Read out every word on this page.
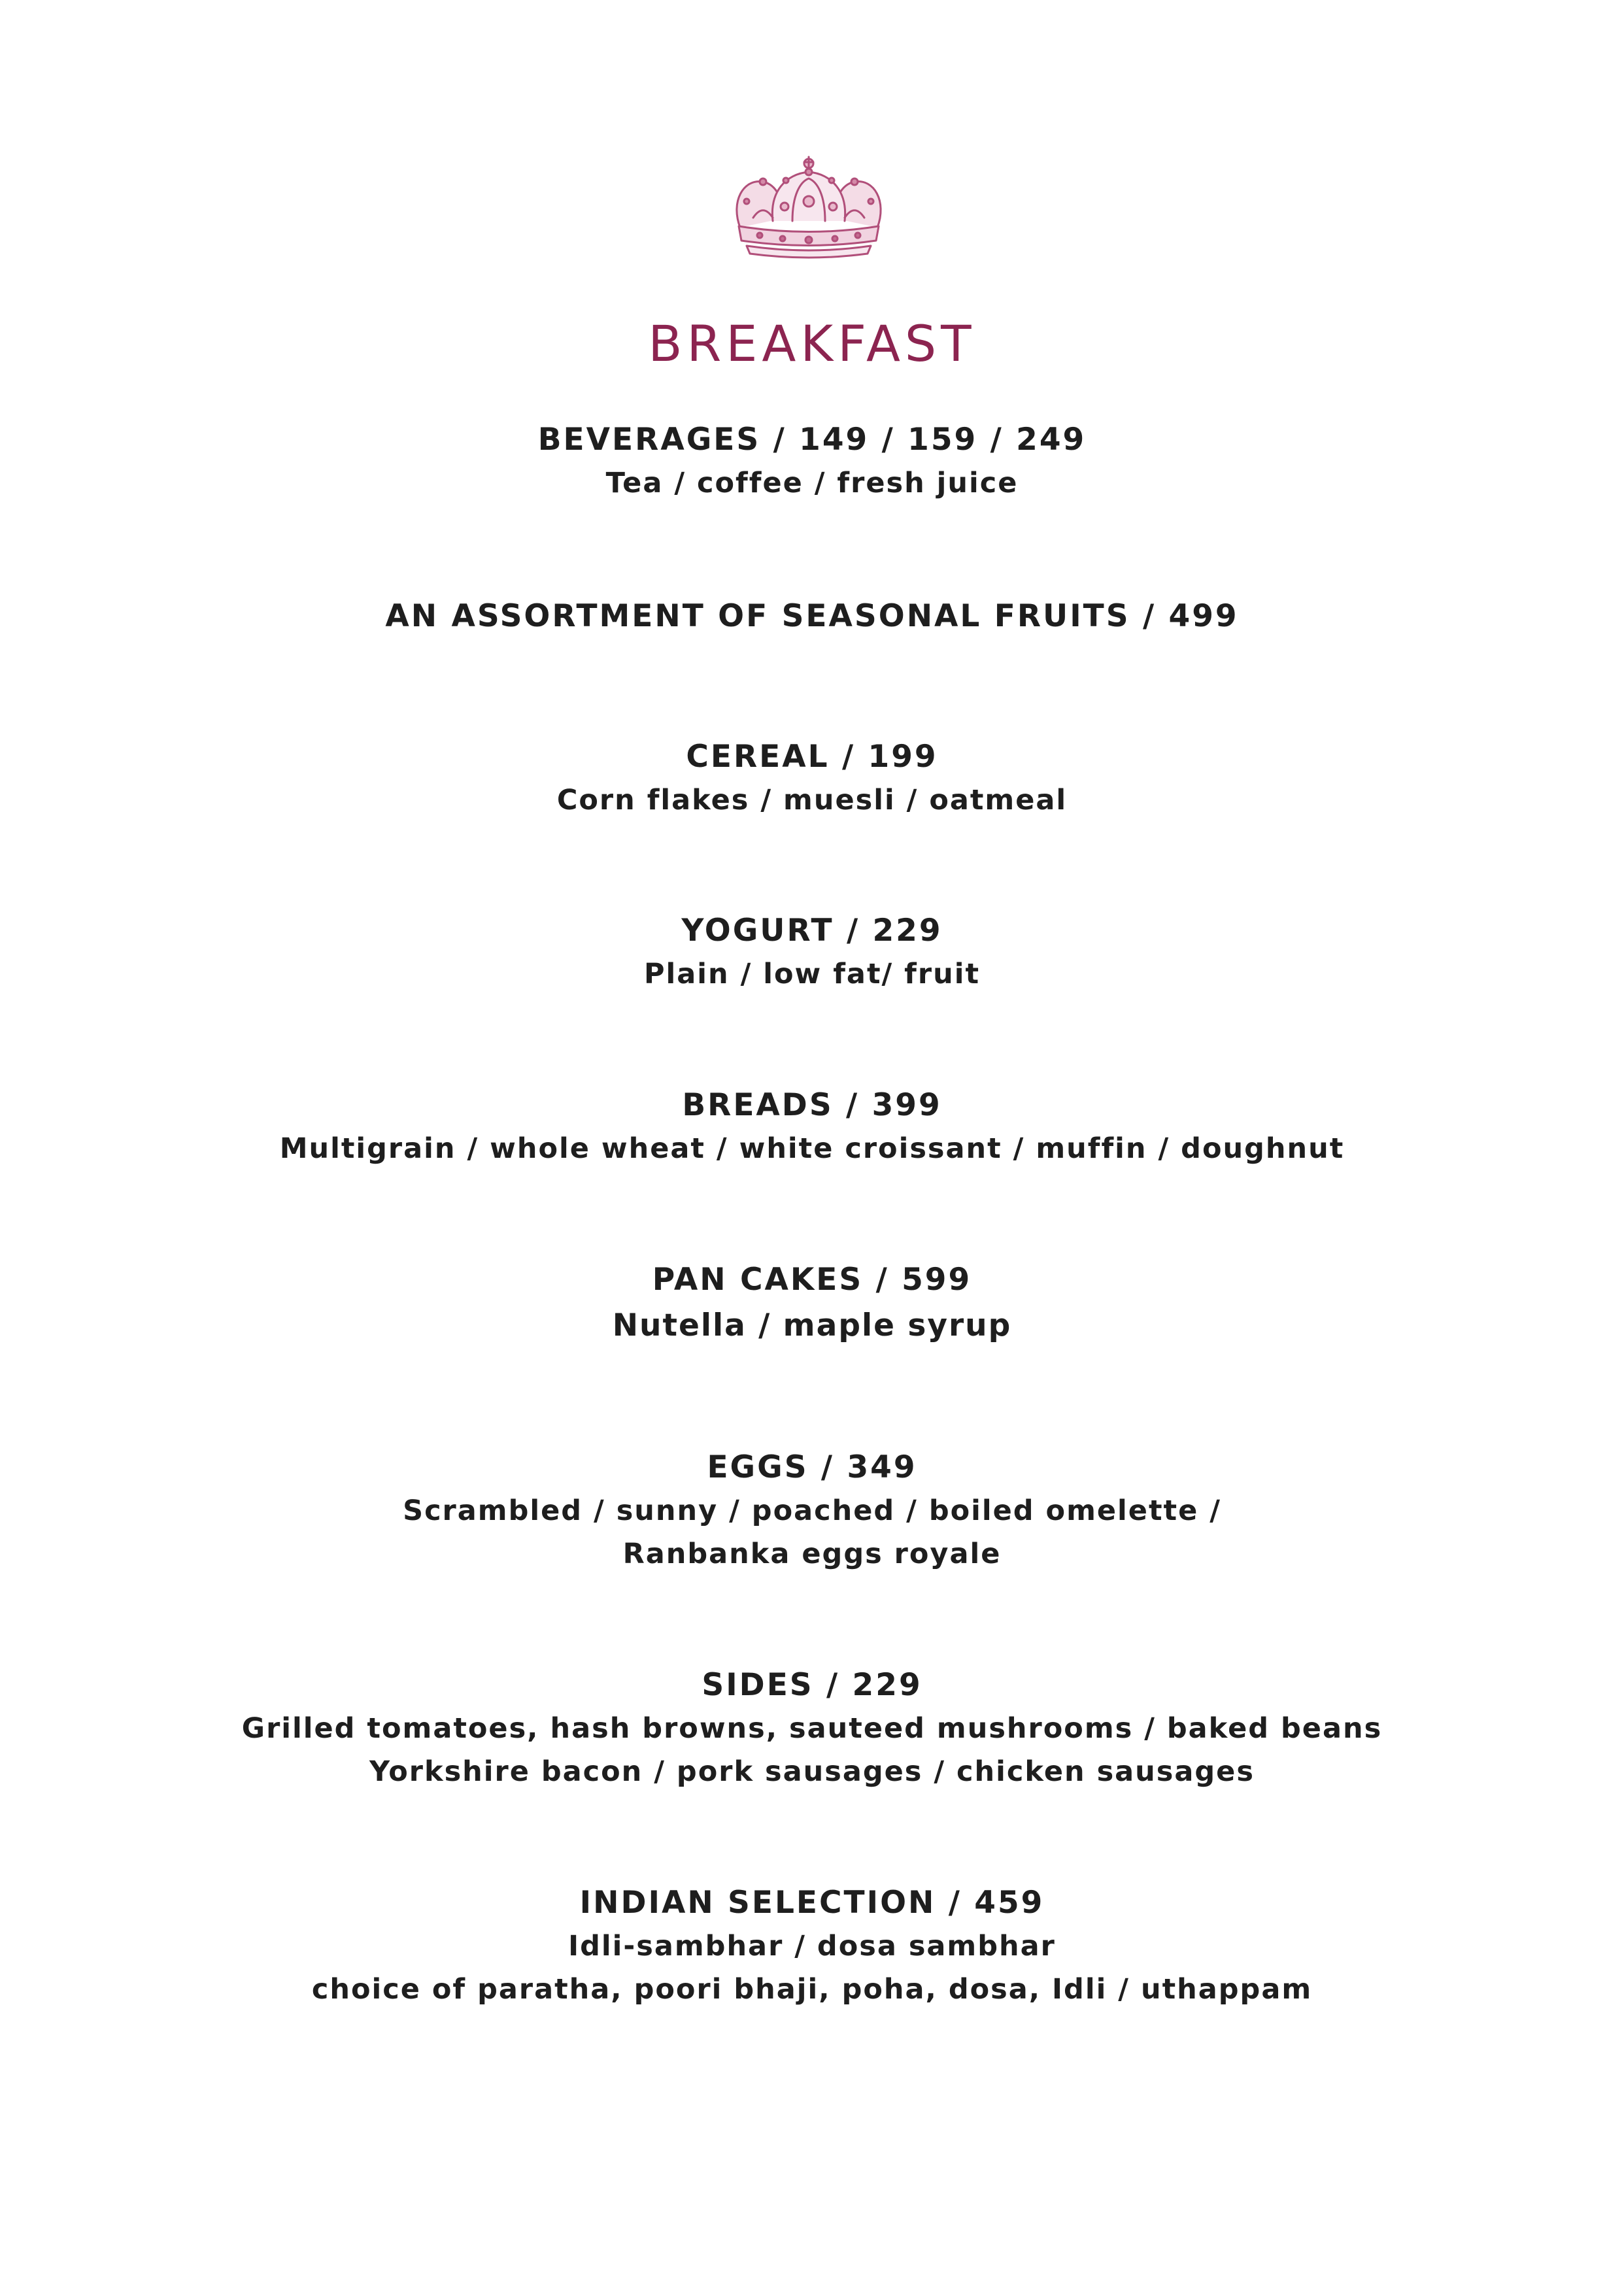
BREAKFAST
BEVERAGES / 149 / 159 / 249
Tea / coffee / fresh juice
AN ASSORTMENT OF SEASONAL FRUITS / 499
CEREAL / 199
Corn flakes / muesli / oatmeal
YOGURT / 229
Plain / low fat/ fruit
BREADS / 399
Multigrain / whole wheat / white croissant / muffin / doughnut
PAN CAKES / 599
Nutella / maple syrup
EGGS / 349
Scrambled / sunny / poached / boiled omelette /
Ranbanka eggs royale
SIDES / 229
Grilled tomatoes, hash browns, sauteed mushrooms / baked beans
Yorkshire bacon / pork sausages / chicken sausages
INDIAN SELECTION / 459
Idli-sambhar / dosa sambhar
choice of paratha, poori bhaji, poha, dosa, Idli / uthappam
